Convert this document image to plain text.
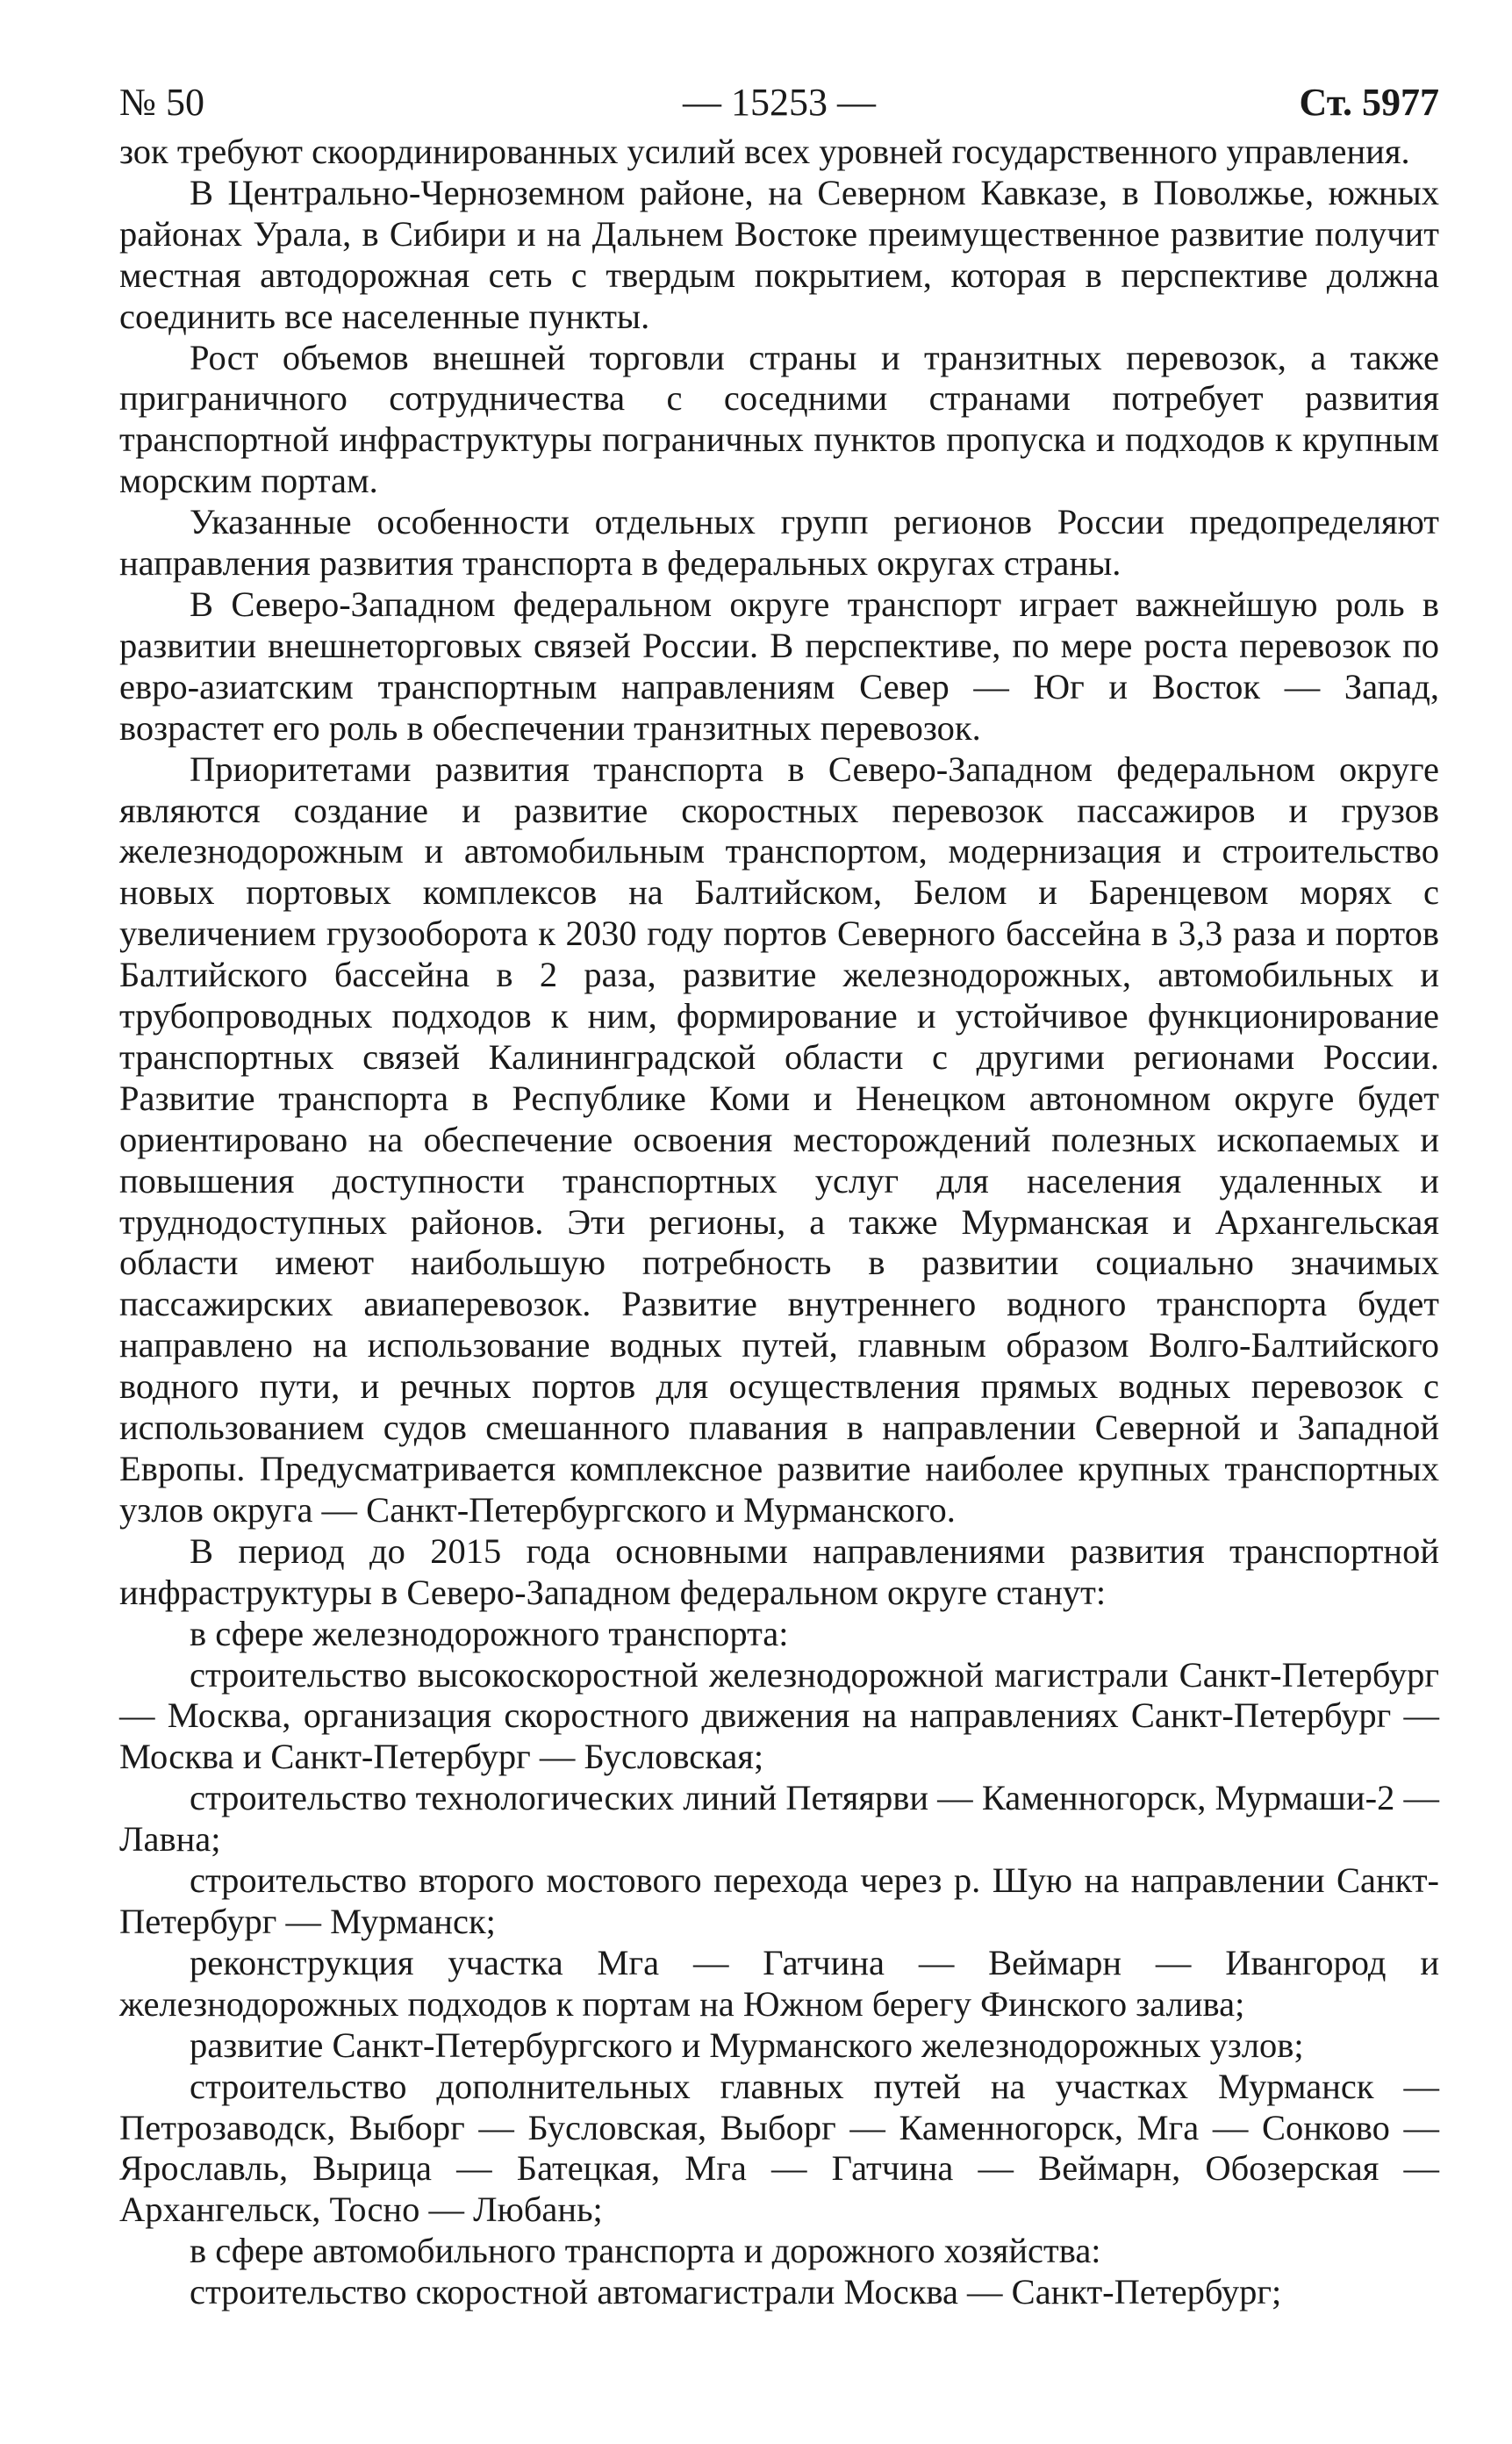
№ 50	— 15253 —	Ст. 5977

зок требуют скоординированных усилий всех уровней государственного управления.

В Центрально-Черноземном районе, на Северном Кавказе, в Поволжье, южных районах Урала, в Сибири и на Дальнем Востоке преимущественное развитие получит местная автодорожная сеть с твердым покрытием, которая в перспективе должна соединить все населенные пункты.

Рост объемов внешней торговли страны и транзитных перевозок, а также приграничного сотрудничества с соседними странами потребует развития транспортной инфраструктуры пограничных пунктов пропуска и подходов к крупным морским портам.

Указанные особенности отдельных групп регионов России предопределяют направления развития транспорта в федеральных округах страны.

В Северо-Западном федеральном округе транспорт играет важнейшую роль в развитии внешнеторговых связей России. В перспективе, по мере роста перевозок по евро-азиатским транспортным направлениям Север — Юг и Восток — Запад, возрастет его роль в обеспечении транзитных перевозок.

Приоритетами развития транспорта в Северо-Западном федеральном округе являются создание и развитие скоростных перевозок пассажиров и грузов железнодорожным и автомобильным транспортом, модернизация и строительство новых портовых комплексов на Балтийском, Белом и Баренцевом морях с увеличением грузооборота к 2030 году портов Северного бассейна в 3,3 раза и портов Балтийского бассейна в 2 раза, развитие железнодорожных, автомобильных и трубопроводных подходов к ним, формирование и устойчивое функционирование транспортных связей Калининградской области с другими регионами России. Развитие транспорта в Республике Коми и Ненецком автономном округе будет ориентировано на обеспечение освоения месторождений полезных ископаемых и повышения доступности транспортных услуг для населения удаленных и труднодоступных районов. Эти регионы, а также Мурманская и Архангельская области имеют наибольшую потребность в развитии социально значимых пассажирских авиаперевозок. Развитие внутреннего водного транспорта будет направлено на использование водных путей, главным образом Волго-Балтийского водного пути, и речных портов для осуществления прямых водных перевозок с использованием судов смешанного плавания в направлении Северной и Западной Европы. Предусматривается комплексное развитие наиболее крупных транспортных узлов округа — Санкт-Петербургского и Мурманского.

В период до 2015 года основными направлениями развития транспортной инфраструктуры в Северо-Западном федеральном округе станут:

в сфере железнодорожного транспорта:

строительство высокоскоростной железнодорожной магистрали Санкт-Петербург — Москва, организация скоростного движения на направлениях Санкт-Петербург — Москва и Санкт-Петербург — Бусловская;

строительство технологических линий Петяярви — Каменногорск, Мурмаши-2 — Лавна;

строительство второго мостового перехода через р. Шую на направлении Санкт-Петербург — Мурманск;

реконструкция участка Мга — Гатчина — Веймарн — Ивангород и железнодорожных подходов к портам на Южном берегу Финского залива;

развитие Санкт-Петербургского и Мурманского железнодорожных узлов;

строительство дополнительных главных путей на участках Мурманск — Петрозаводск, Выборг — Бусловская, Выборг — Каменногорск, Мга — Сонково — Ярославль, Вырица — Батецкая, Мга — Гатчина — Веймарн, Обозерская — Архангельск, Тосно — Любань;

в сфере автомобильного транспорта и дорожного хозяйства:

строительство скоростной автомагистрали Москва — Санкт-Петербург;
